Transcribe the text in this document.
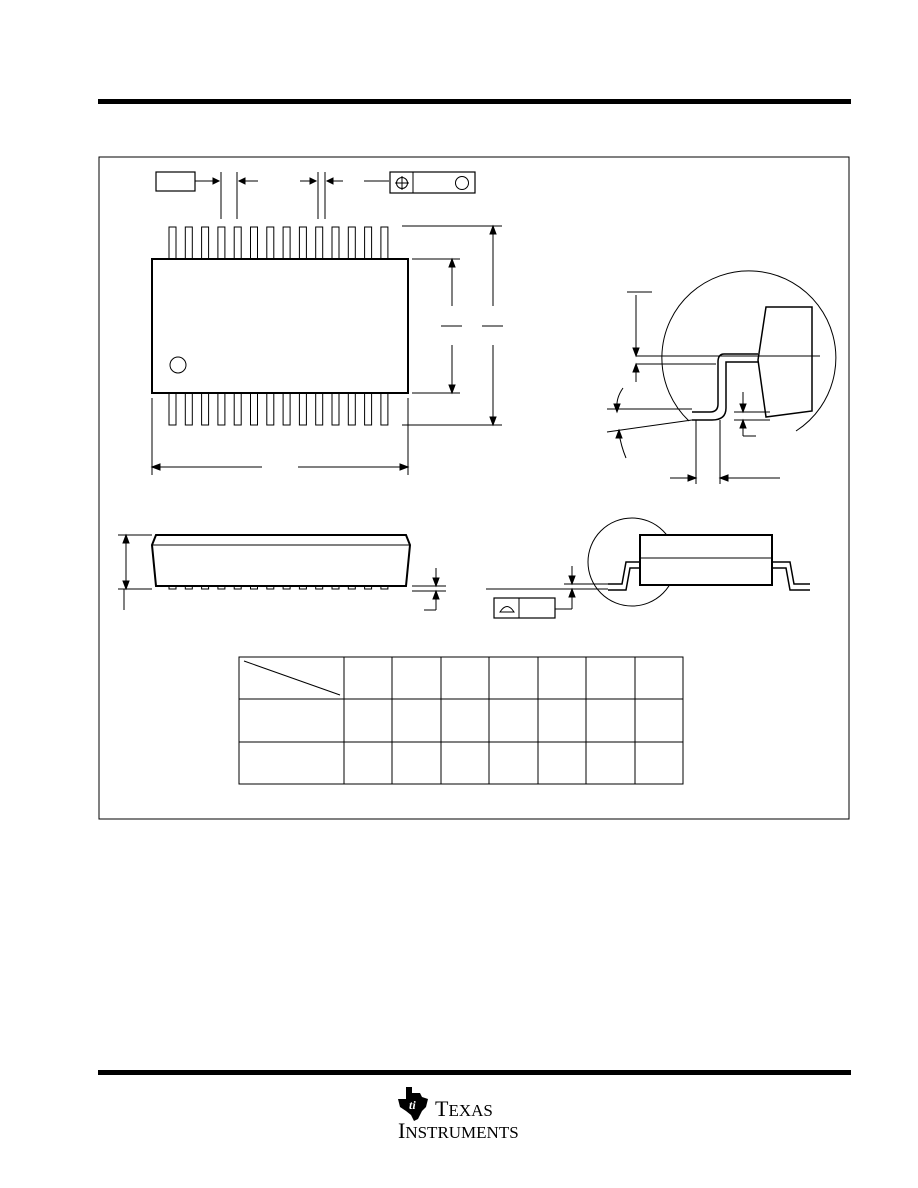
ti TEXAS
INSTRUMENTS
